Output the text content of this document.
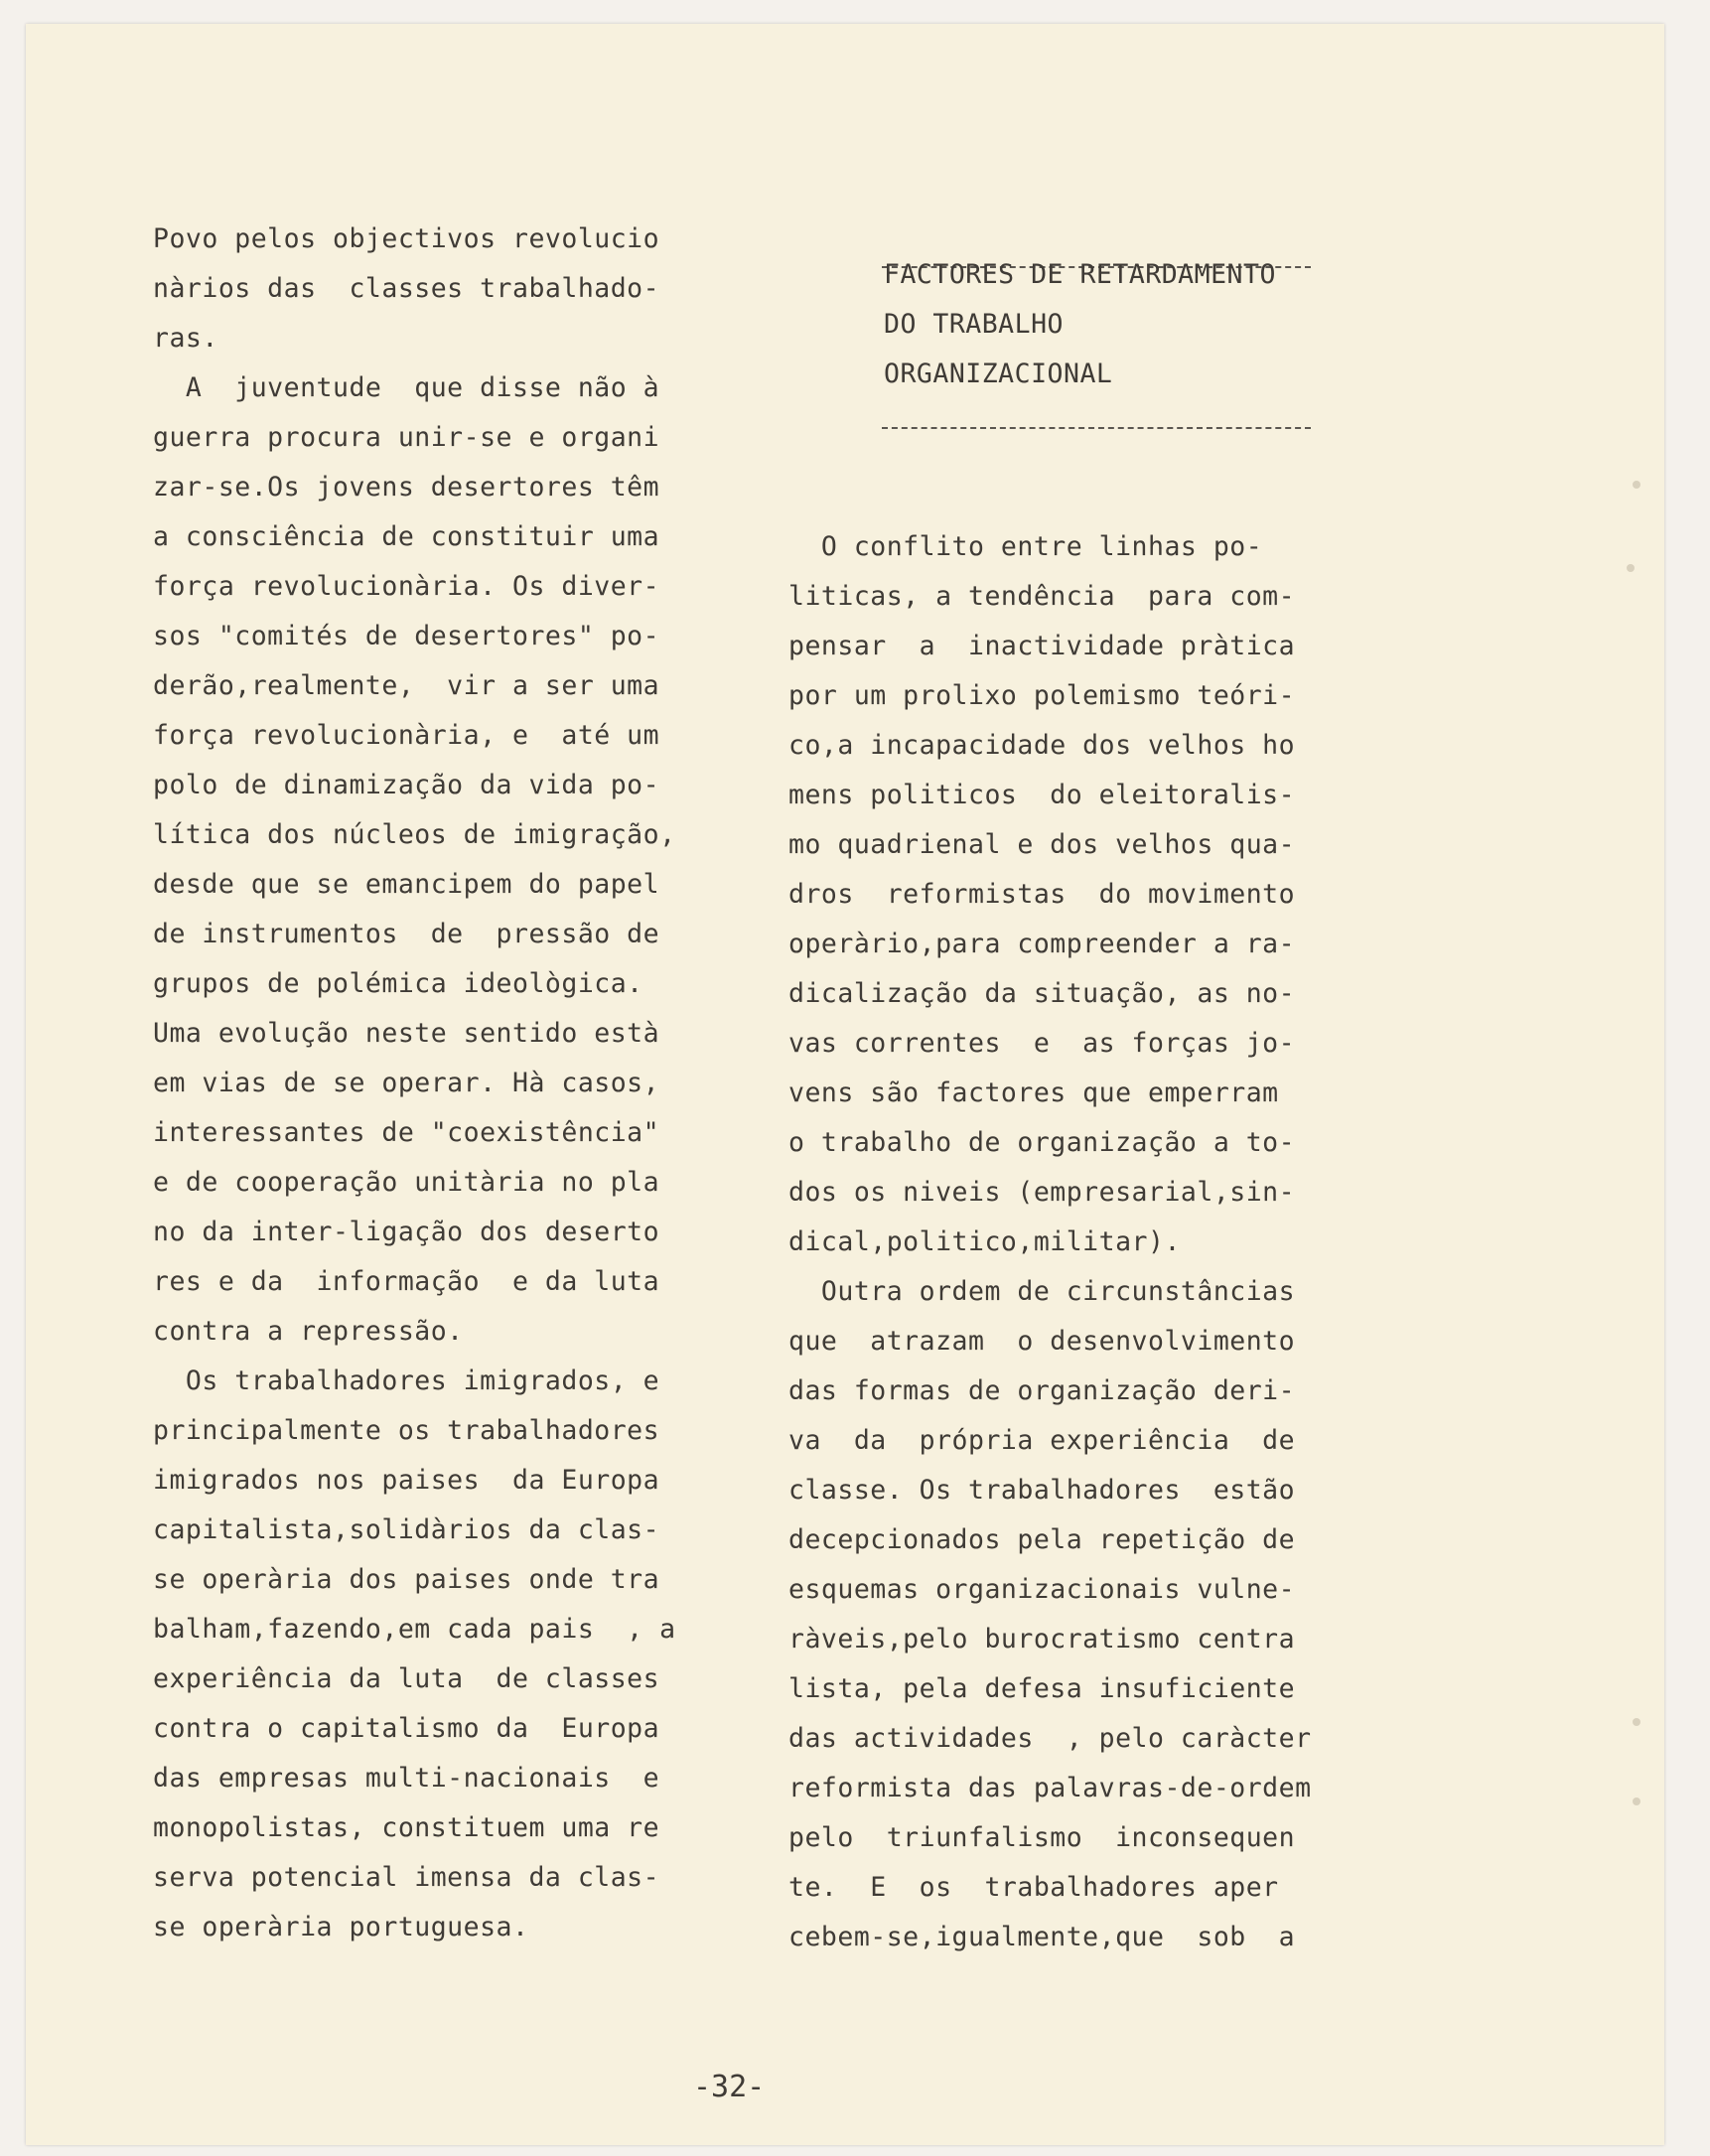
FACTORES DE RETARDAMENTO
DO TRABALHO
ORGANIZACIONAL
Povo pelos objectivos revolucio
nàrios das  classes trabalhado-
ras.
A  juventude  que disse não à
guerra procura unir-se e organi
zar-se.Os jovens desertores têm
a consciência de constituir uma
força revolucionària. Os diver-
sos "comités de desertores" po-
derão,realmente,  vir a ser uma
força revolucionària, e  até um
polo de dinamização da vida po-
lítica dos núcleos de imigração,
desde que se emancipem do papel
de instrumentos  de  pressão de
grupos de polémica ideològica.
Uma evolução neste sentido està
em vias de se operar. Hà casos,
interessantes de "coexistência"
e de cooperação unitària no pla
no da inter-ligação dos deserto
res e da  informação  e da luta
contra a repressão.
Os trabalhadores imigrados, e
principalmente os trabalhadores
imigrados nos paises  da Europa
capitalista,solidàrios da clas-
se operària dos paises onde tra
balham,fazendo,em cada pais  , a
experiência da luta  de classes
contra o capitalismo da  Europa
das empresas multi-nacionais  e
monopolistas, constituem uma re
serva potencial imensa da clas-
se operària portuguesa.
O conflito entre linhas po-
liticas, a tendência  para com-
pensar  a  inactividade pràtica
por um prolixo polemismo teóri-
co,a incapacidade dos velhos ho
mens politicos  do eleitoralis-
mo quadrienal e dos velhos qua-
dros  reformistas  do movimento
operàrio,para compreender a ra-
dicalização da situação, as no-
vas correntes  e  as forças jo-
vens são factores que emperram
o trabalho de organização a to-
dos os niveis (empresarial,sin-
dical,politico,militar).
Outra ordem de circunstâncias
que  atrazam  o desenvolvimento
das formas de organização deri-
va  da  própria experiência  de
classe. Os trabalhadores  estão
decepcionados pela repetição de
esquemas organizacionais vulne-
ràveis,pelo burocratismo centra
lista, pela defesa insuficiente
das actividades  , pelo caràcter
reformista das palavras-de-ordem
pelo  triunfalismo  inconsequen
te.  E  os  trabalhadores aper
cebem-se,igualmente,que  sob  a
-32-
